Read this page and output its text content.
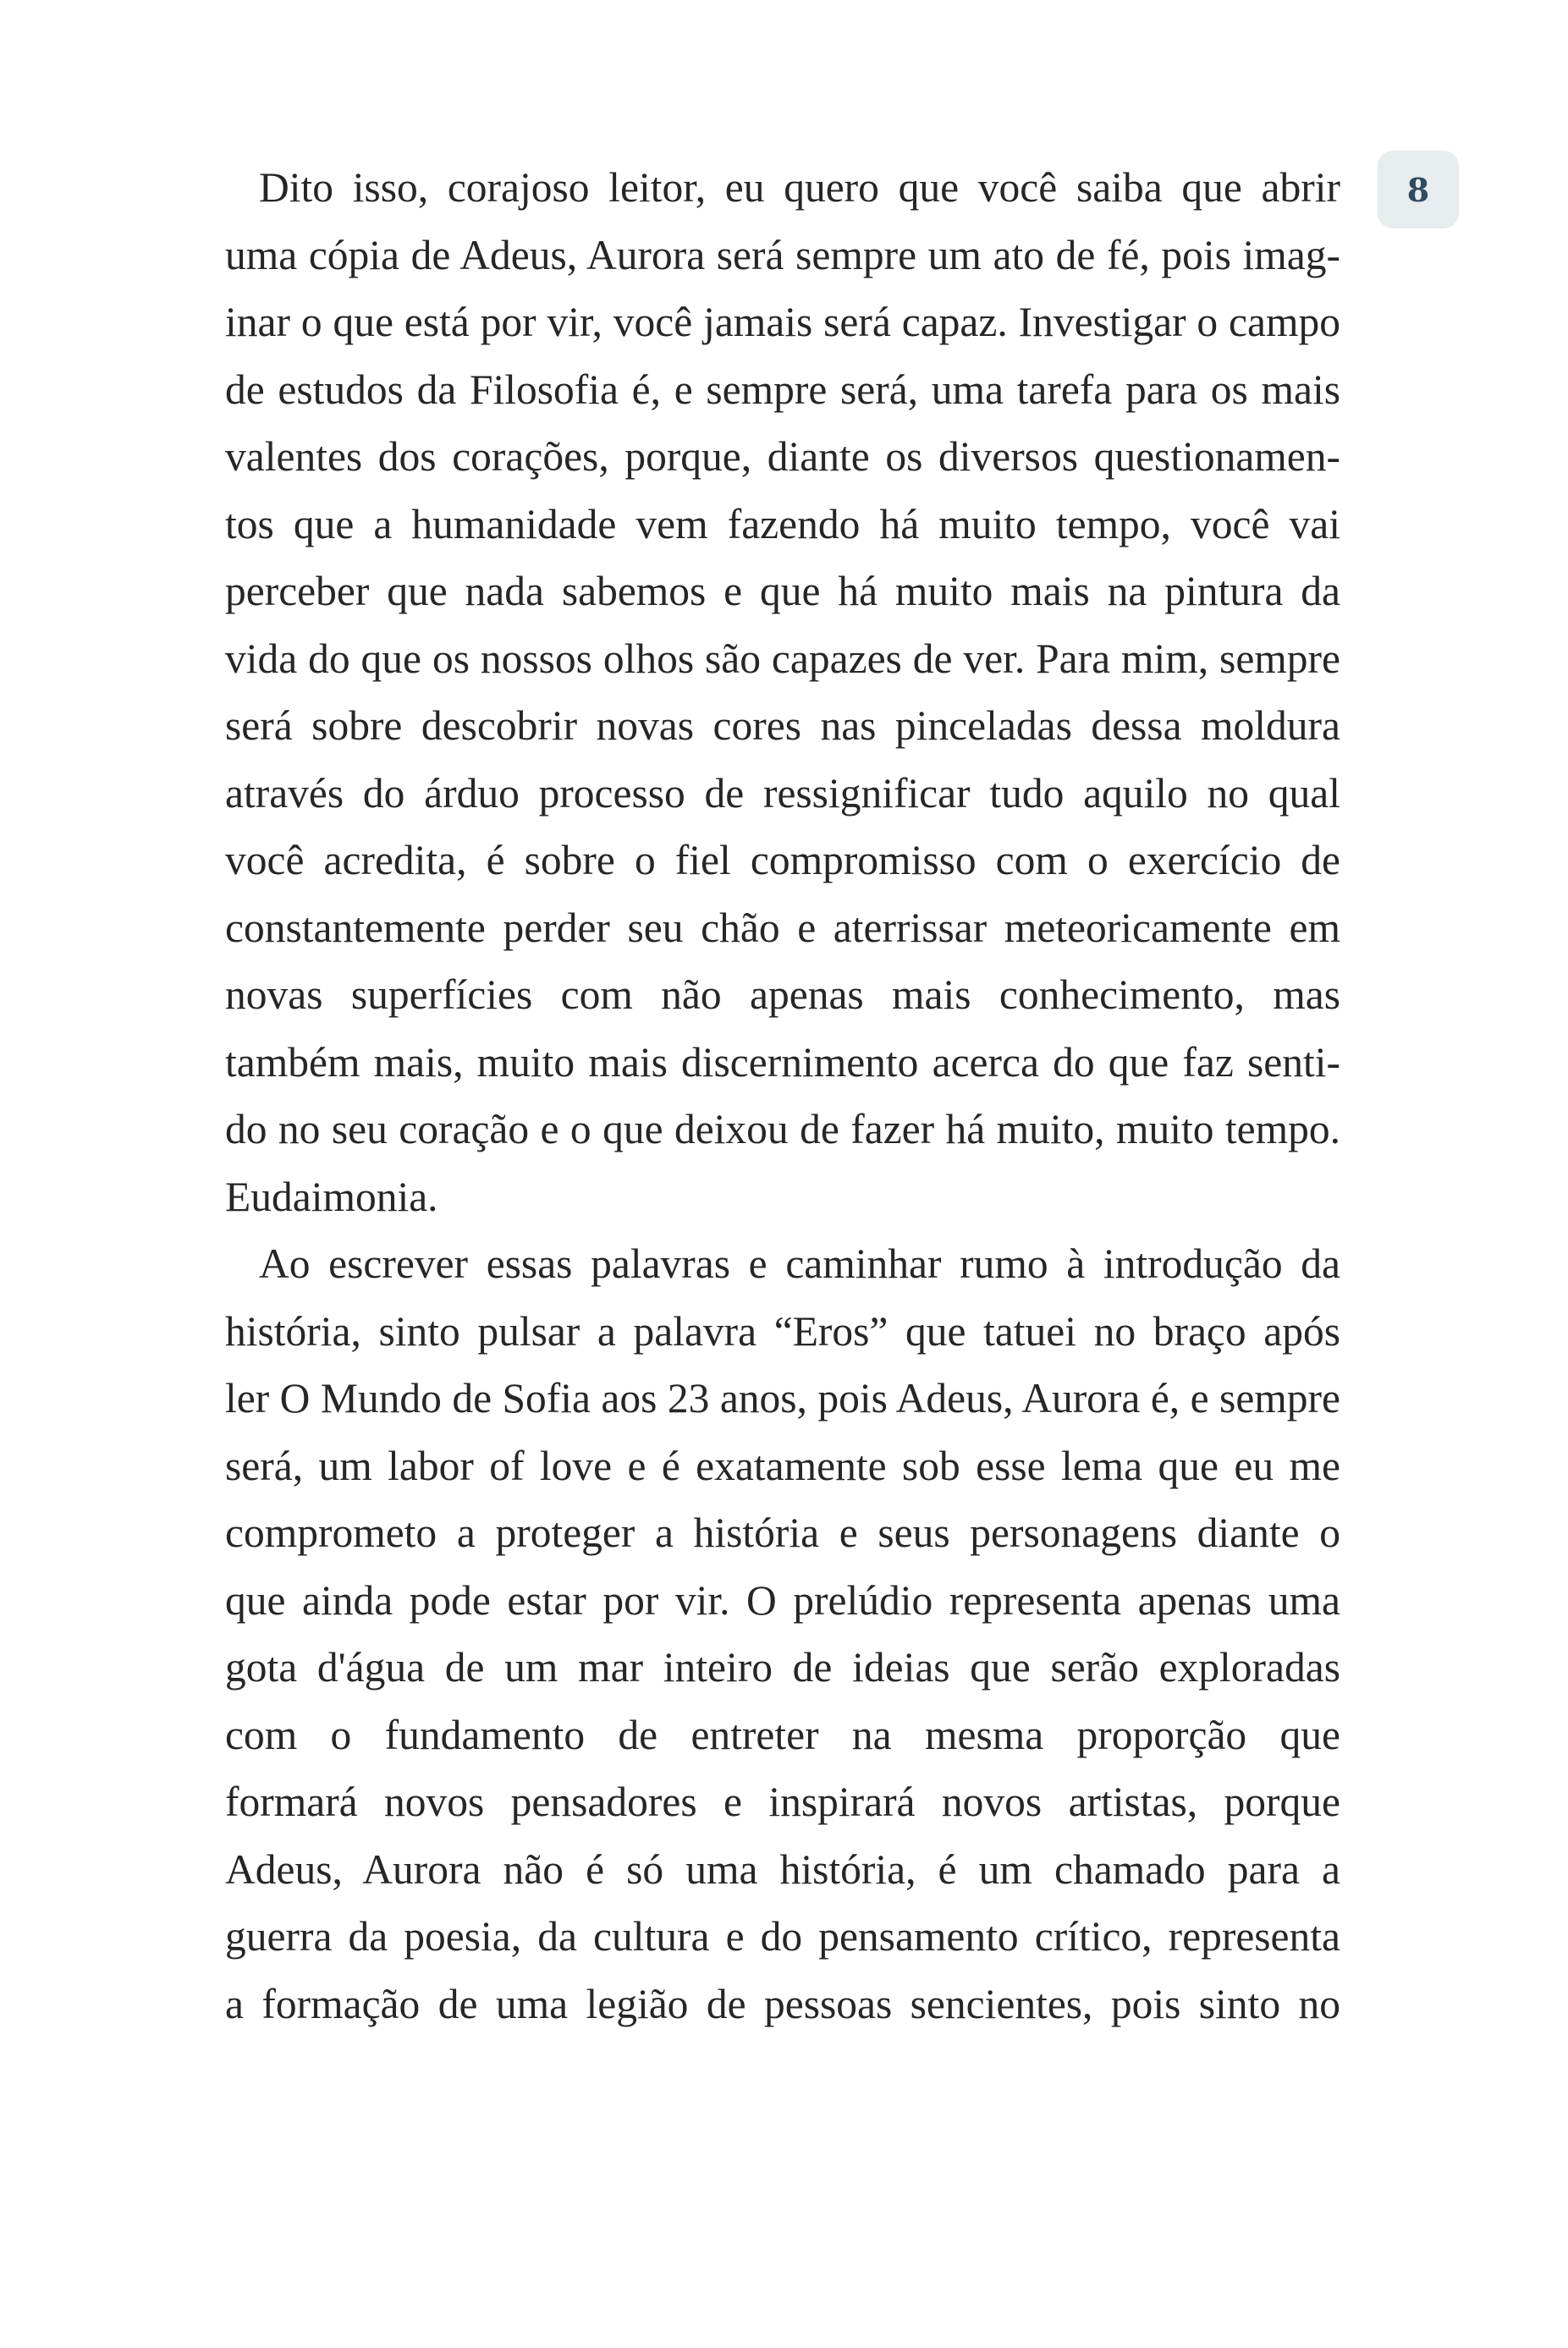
8
Dito isso, corajoso leitor, eu quero que você saiba que abrir
uma cópia de Adeus, Aurora será sempre um ato de fé, pois imag-
inar o que está por vir, você jamais será capaz. Investigar o campo
de estudos da Filosofia é, e sempre será, uma tarefa para os mais
valentes dos corações, porque, diante os diversos questionamen-
tos que a humanidade vem fazendo há muito tempo, você vai
perceber que nada sabemos e que há muito mais na pintura da
vida do que os nossos olhos são capazes de ver. Para mim, sempre
será sobre descobrir novas cores nas pinceladas dessa moldura
através do árduo processo de ressignificar tudo aquilo no qual
você acredita, é sobre o fiel compromisso com o exercício de
constantemente perder seu chão e aterrissar meteoricamente em
novas superfícies com não apenas mais conhecimento, mas
também mais, muito mais discernimento acerca do que faz senti-
do no seu coração e o que deixou de fazer há muito, muito tempo.
Eudaimonia.
Ao escrever essas palavras e caminhar rumo à introdução da
história, sinto pulsar a palavra “Eros” que tatuei no braço após
ler O Mundo de Sofia aos 23 anos, pois Adeus, Aurora é, e sempre
será, um labor of love e é exatamente sob esse lema que eu me
comprometo a proteger a história e seus personagens diante o
que ainda pode estar por vir. O prelúdio representa apenas uma
gota d'água de um mar inteiro de ideias que serão exploradas
com o fundamento de entreter na mesma proporção que
formará novos pensadores e inspirará novos artistas, porque
Adeus, Aurora não é só uma história, é um chamado para a
guerra da poesia, da cultura e do pensamento crítico, representa
a formação de uma legião de pessoas sencientes, pois sinto no
